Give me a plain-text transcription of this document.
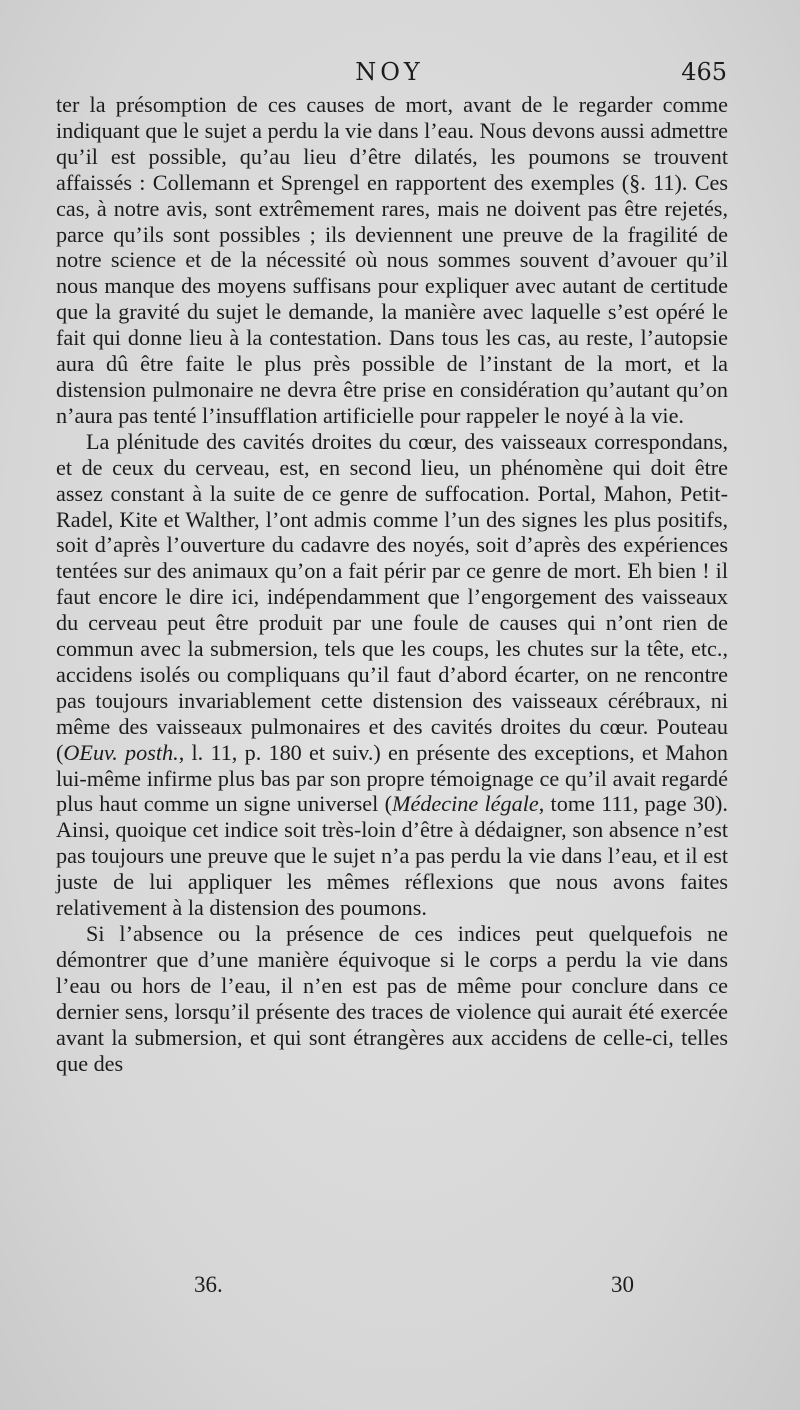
NOY	465

ter la présomption de ces causes de mort, avant de le regarder comme indiquant que le sujet a perdu la vie dans l’eau. Nous devons aussi admettre qu’il est possible, qu’au lieu d’être dilatés, les poumons se trouvent affaissés : Collemann et Sprengel en rapportent des exemples (§. 11). Ces cas, à notre avis, sont extrêmement rares, mais ne doivent pas être rejetés, parce qu’ils sont possibles ; ils deviennent une preuve de la fragilité de notre science et de la nécessité où nous sommes souvent d’avouer qu’il nous manque des moyens suffisans pour expliquer avec autant de certitude que la gravité du sujet le demande, la manière avec laquelle s’est opéré le fait qui donne lieu à la contestation. Dans tous les cas, au reste, l’autopsie aura dû être faite le plus près possible de l’instant de la mort, et la distension pulmonaire ne devra être prise en considération qu’autant qu’on n’aura pas tenté l’insufflation artificielle pour rappeler le noyé à la vie.

La plénitude des cavités droites du cœur, des vaisseaux correspondans, et de ceux du cerveau, est, en second lieu, un phénomène qui doit être assez constant à la suite de ce genre de suffocation. Portal, Mahon, Petit-Radel, Kite et Walther, l’ont admis comme l’un des signes les plus positifs, soit d’après l’ouverture du cadavre des noyés, soit d’après des expériences tentées sur des animaux qu’on a fait périr par ce genre de mort. Eh bien ! il faut encore le dire ici, indépendamment que l’engorgement des vaisseaux du cerveau peut être produit par une foule de causes qui n’ont rien de commun avec la submersion, tels que les coups, les chutes sur la tête, etc., accidens isolés ou compliquans qu’il faut d’abord écarter, on ne rencontre pas toujours invariablement cette distension des vaisseaux cérébraux, ni même des vaisseaux pulmonaires et des cavités droites du cœur. Pouteau (OEuv. posth., l. 11, p. 180 et suiv.) en présente des exceptions, et Mahon lui-même infirme plus bas par son propre témoignage ce qu’il avait regardé plus haut comme un signe universel (Médecine légale, tome 111, page 30). Ainsi, quoique cet indice soit très-loin d’être à dédaigner, son absence n’est pas toujours une preuve que le sujet n’a pas perdu la vie dans l’eau, et il est juste de lui appliquer les mêmes réflexions que nous avons faites relativement à la distension des poumons.

Si l’absence ou la présence de ces indices peut quelquefois ne démontrer que d’une manière équivoque si le corps a perdu la vie dans l’eau ou hors de l’eau, il n’en est pas de même pour conclure dans ce dernier sens, lorsqu’il présente des traces de violence qui aurait été exercée avant la submersion, et qui sont étrangères aux accidens de celle-ci, telles que des

36.	30
